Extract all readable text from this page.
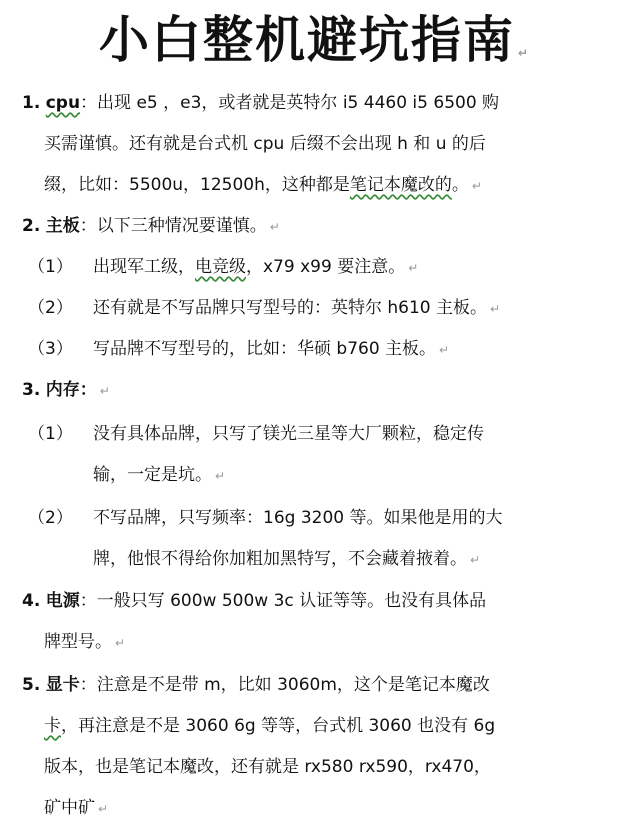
小白整机避坑指南 ↵
1. cpu：出现 e5 ，e3，或者就是英特尔 i5 4460 i5 6500 购
买需谨慎。还有就是台式机 cpu 后缀不会出现 h 和 u 的后
缀，比如：5500u，12500h，这种都是笔记本魔改的。 ↵
2. 主板：以下三种情况要谨慎。 ↵
（1） 出现军工级，电竞级，x79 x99 要注意。 ↵
（2） 还有就是不写品牌只写型号的：英特尔 h610 主板。 ↵
（3） 写品牌不写型号的，比如：华硕 b760 主板。 ↵
3. 内存： ↵
（1） 没有具体品牌，只写了镁光三星等大厂颗粒，稳定传
输，一定是坑。 ↵
（2） 不写品牌，只写频率：16g 3200 等。如果他是用的大
牌，他恨不得给你加粗加黑特写，不会藏着掖着。 ↵
4. 电源：一般只写 600w 500w 3c 认证等等。也没有具体品
牌型号。 ↵
5. 显卡：注意是不是带 m，比如 3060m，这个是笔记本魔改
卡，再注意是不是 3060 6g 等等，台式机 3060 也没有 6g
版本，也是笔记本魔改，还有就是 rx580 rx590，rx470，
矿中矿 ↵
